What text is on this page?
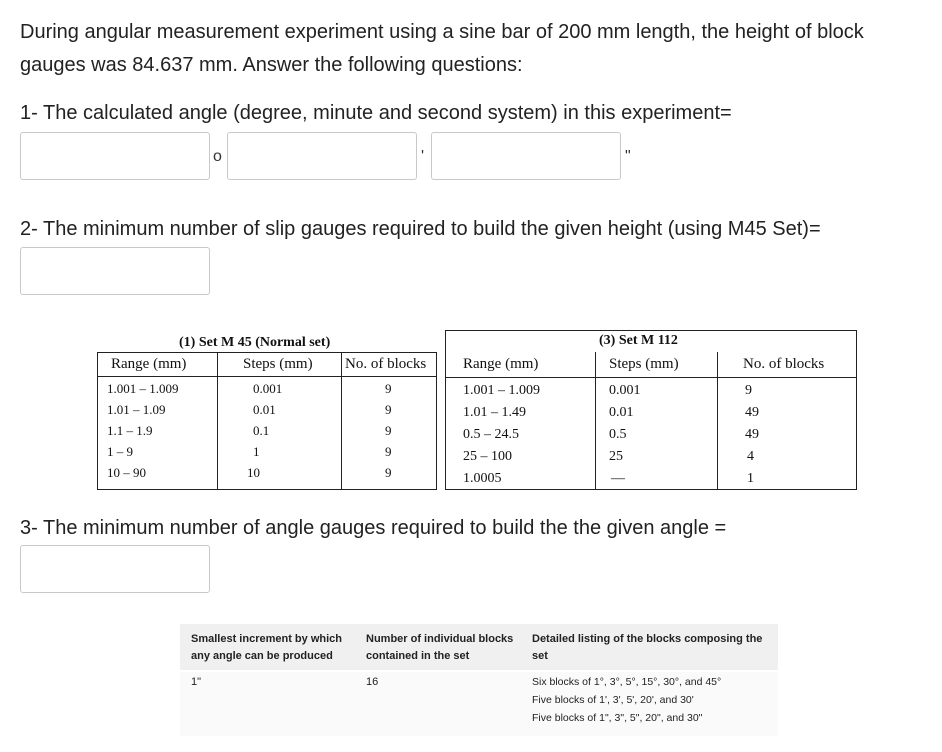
During angular measurement experiment using a sine bar of 200 mm length, the height of block
gauges was 84.637 mm. Answer the following questions:
1- The calculated angle (degree, minute and second system) in this experiment=
o	'	"
2- The minimum number of slip gauges required to build the given height (using M45 Set)=
(1) Set M 45 (Normal set)
Range (mm)	Steps (mm) No. of blocks
1.001 – 1.009	0.001	9
1.01 – 1.09	0.01	9
1.1 – 1.9	0.1	9
1 – 9	1	9
10 – 90	10	9
(3) Set M 112
Range (mm)	Steps (mm)	No. of blocks
1.001 – 1.009	0.001	9
1.01 – 1.49	0.01	49
0.5 – 24.5	0.5	49
25 – 100	25	4
1.0005	—	1
3- The minimum number of angle gauges required to build the the given angle =
Smallest increment by which
any angle can be produced
Number of individual blocks
contained in the set
Detailed listing of the blocks composing the set
1"	16	Six blocks of 1°, 3°, 5°, 15°, 30°, and 45°
Five blocks of 1', 3', 5', 20', and 30'
Five blocks of 1", 3", 5", 20", and 30"
